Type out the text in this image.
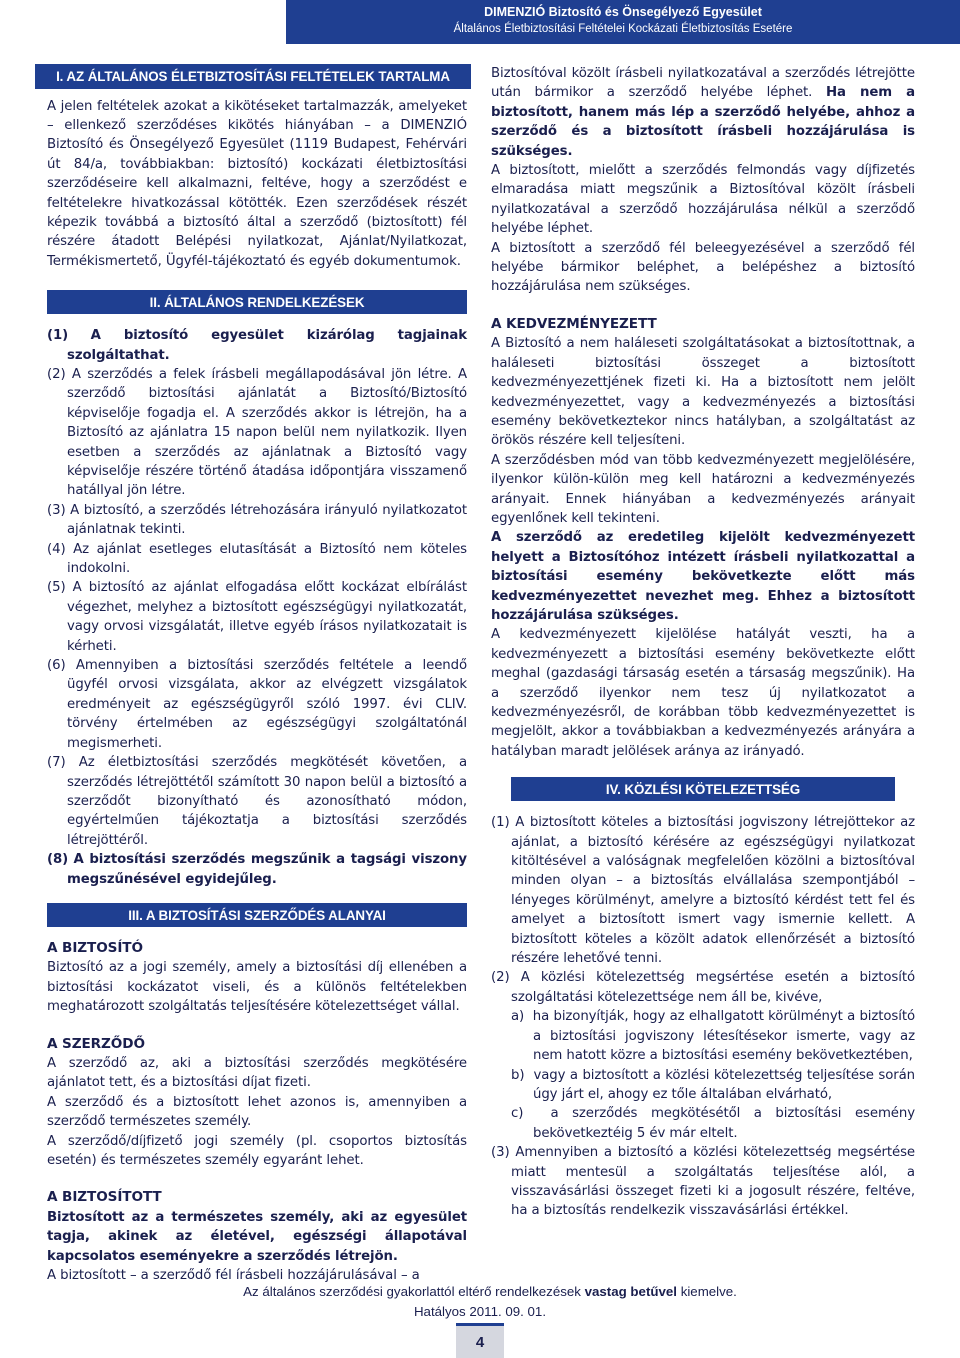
DIMENZIÓ Biztosító és Önsegélyező Egyesület
Általános Életbiztosítási Feltételei Kockázati Életbiztosítás Esetére
I. AZ ÁLTALÁNOS ÉLETBIZTOSÍTÁSI FELTÉTELEK TARTALMA

A jelen feltételek azokat a kikötéseket tartalmazzák, amelyeket – ellenkező szerződéses kikötés hiányában – a DIMENZIÓ Biztosító és Önsegélyező Egyesület (1119 Budapest, Fehérvári út 84/a, továbbiakban: biztosító) kockázati életbiztosítási szerződéseire kell alkalmazni, feltéve, hogy a szerződést e feltételekre hivatkozással kötötték. Ezen szerződések részét képezik továbbá a biztosító által a szerződő (biztosított) fél részére átadott Belépési nyilatkozat, Ajánlat/Nyilatkozat, Termékismertető, Ügyfél-tájékoztató és egyéb dokumentumok.

II. ÁLTALÁNOS RENDELKEZÉSEK
(1) A biztosító egyesület kizárólag tagjainak szolgáltathat.
(2) A szerződés a felek írásbeli megállapodásával jön létre. A szerződő biztosítási ajánlatát a Biztosító/Biztosító képviselője fogadja el. A szerződés akkor is létrejön, ha a Biztosító az ajánlatra 15 napon belül nem nyilatkozik. Ilyen esetben a szerződés az ajánlatnak a Biztosító vagy képviselője részére történő átadása időpontjára visszamenő hatállyal jön létre.
(3) A biztosító, a szerződés létrehozására irányuló nyilatkozatot ajánlatnak tekinti.
(4) Az ajánlat esetleges elutasítását a Biztosító nem köteles indokolni.
(5) A biztosító az ajánlat elfogadása előtt kockázat elbírálást végezhet, melyhez a biztosított egészségügyi nyilatkozatát, vagy orvosi vizsgálatát, illetve egyéb írásos nyilatkozatait is kérheti.
(6) Amennyiben a biztosítási szerződés feltétele a leendő ügyfél orvosi vizsgálata, akkor az elvégzett vizsgálatok eredményeit az egészségügyről szóló 1997. évi CLIV. törvény értelmében az egészségügyi szolgáltatónál megismerheti.
(7) Az életbiztosítási szerződés megkötését követően, a szerződés létrejöttétől számított 30 napon belül a biztosító a szerződőt bizonyítható és azonosítható módon, egyértelműen tájékoztatja a biztosítási szerződés létrejöttéről.
(8) A biztosítási szerződés megszűnik a tagsági viszony megszűnésével egyidejűleg.
III. A BIZTOSÍTÁSI SZERZŐDÉS ALANYAI
A BIZTOSÍTÓ

Biztosító az a jogi személy, amely a biztosítási díj ellenében a biztosítási kockázatot viseli, és a különös feltételekben meghatározott szolgáltatás teljesítésére kötelezettséget vállal.

A SZERZŐDŐ

A szerződő az, aki a biztosítási szerződés megkötésére ajánlatot tett, és a biztosítási díjat fizeti.

A szerződő és a biztosított lehet azonos is, amennyiben a szerződő természetes személy.

A szerződő/díjfizető jogi személy (pl. csoportos biztosítás esetén) és természetes személy egyaránt lehet.

A BIZTOSÍTOTT

Biztosított az a természetes személy, aki az egyesület tagja, akinek az életével, egészségi állapotával kapcsolatos eseményekre a szerződés létrejön.

A biztosított – a szerződő fél írásbeli hozzájárulásával – a

Biztosítóval közölt írásbeli nyilatkozatával a szerződés létrejötte után bármikor a szerződő helyébe léphet. Ha nem a biztosított, hanem más lép a szerződő helyébe, ahhoz a szerződő és a biztosított írásbeli hozzájárulása is szükséges.

A biztosított, mielőtt a szerződés felmondás vagy díjfizetés elmaradása miatt megszűnik a Biztosítóval közölt írásbeli nyilatkozatával a szerződő hozzájárulása nélkül a szerződő helyébe léphet.

A biztosított a szerződő fél beleegyezésével a szerződő fél helyébe bármikor beléphet, a belépéshez a biztosító hozzájárulása nem szükséges.

A KEDVEZMÉNYEZETT

A Biztosító a nem haláleseti szolgáltatásokat a biztosítottnak, a haláleseti biztosítási összeget a biztosított kedvezményezettjének fizeti ki. Ha a biztosított nem jelölt kedvezményezettet, vagy a kedvezményezés a biztosítási esemény bekövetkeztekor nincs hatályban, a szolgáltatást az örökös részére kell teljesíteni.

A szerződésben mód van több kedvezményezett megjelölésére, ilyenkor külön-külön meg kell határozni a kedvezményezés arányait. Ennek hiányában a kedvezményezés arányait egyenlőnek kell tekinteni.

A szerződő az eredetileg kijelölt kedvezményezett helyett a Biztosítóhoz intézett írásbeli nyilatkozattal a biztosítási esemény bekövetkezte előtt más kedvezményezettet nevezhet meg. Ehhez a biztosított hozzájárulása szükséges.

A kedvezményezett kijelölése hatályát veszti, ha a kedvezményezett a biztosítási esemény bekövetkezte előtt meghal (gazdasági társaság esetén a társaság megszűnik). Ha a szerződő ilyenkor nem tesz új nyilatkozatot a kedvezményezésről, de korábban több kedvezményezettet is megjelölt, akkor a továbbiakban a kedvezményezés arányára a hatályban maradt jelölések aránya az irányadó.

IV. KÖZLÉSI KÖTELEZETTSÉG
(1) A biztosított köteles a biztosítási jogviszony létrejöttekor az ajánlat, a biztosító kérésére az egészségügyi nyilatkozat kitöltésével a valóságnak megfelelően közölni a biztosítóval minden olyan – a biztosítás elvállalása szempontjából – lényeges körülményt, amelyre a biztosító kérdést tett fel és amelyet a biztosított ismert vagy ismernie kellett. A biztosított köteles a közölt adatok ellenőrzését a biztosító részére lehetővé tenni.
(2) A közlési kötelezettség megsértése esetén a biztosító szolgáltatási kötelezettsége nem áll be, kivéve,
a) ha bizonyítják, hogy az elhallgatott körülményt a biztosító a biztosítási jogviszony létesítésekor ismerte, vagy az nem hatott közre a biztosítási esemény bekövetkeztében,
b) vagy a biztosított a közlési kötelezettség teljesítése során úgy járt el, ahogy ez tőle általában elvárható,
c) a szerződés megkötésétől a biztosítási esemény bekövetkeztéig 5 év már eltelt.
(3) Amennyiben a biztosító a közlési kötelezettség megsértése miatt mentesül a szolgáltatás teljesítése alól, a visszavásárlási összeget fizeti ki a jogosult részére, feltéve, ha a biztosítás rendelkezik visszavásárlási értékkel.
Az általános szerződési gyakorlattól eltérő rendelkezések vastag betűvel kiemelve.
Hatályos 2011. 09. 01.
4
